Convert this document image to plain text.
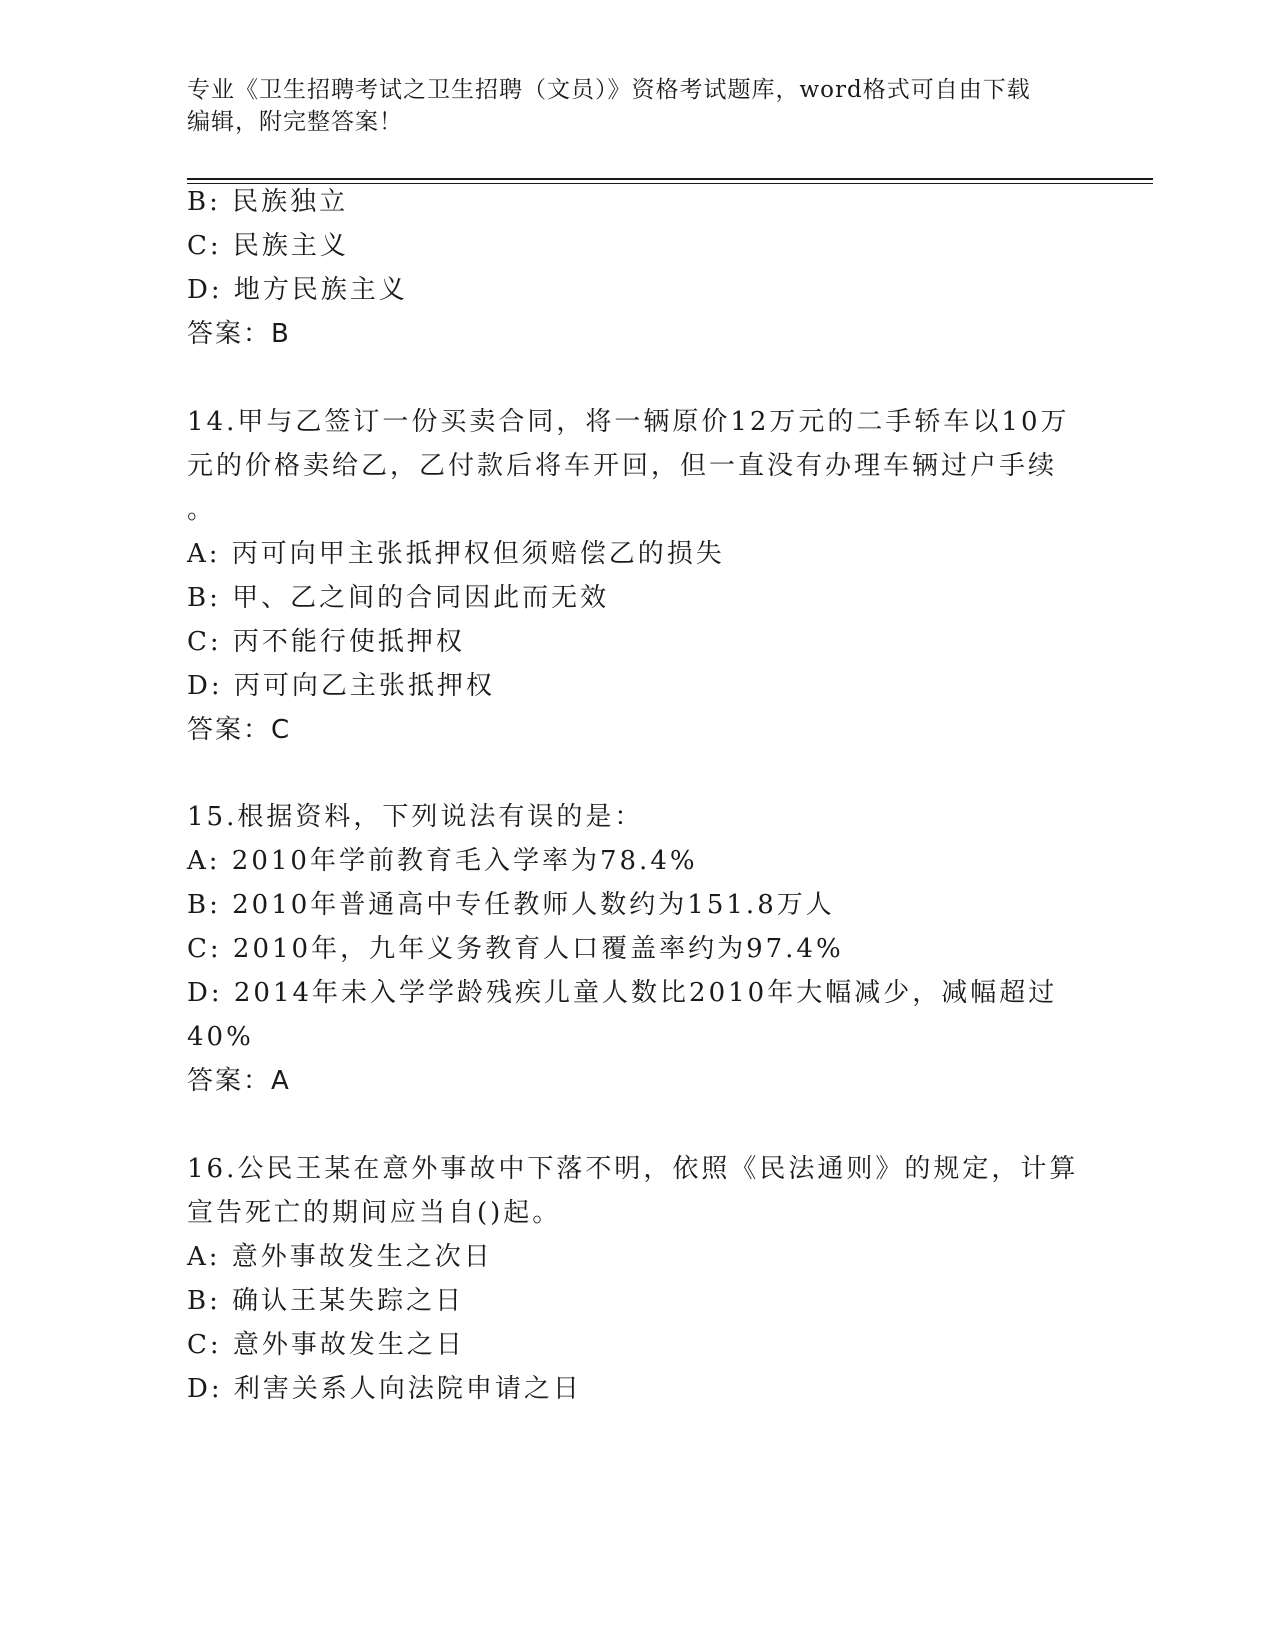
专业《卫生招聘考试之卫生招聘（文员）》资格考试题库，word格式可自由下载
编辑，附完整答案！
B: 民族独立
C: 民族主义
D: 地方民族主义
答案：B
14.甲与乙签订一份买卖合同，将一辆原价12万元的二手轿车以10万
元的价格卖给乙，乙付款后将车开回，但一直没有办理车辆过户手续
。
A: 丙可向甲主张抵押权但须赔偿乙的损失
B: 甲、乙之间的合同因此而无效
C: 丙不能行使抵押权
D: 丙可向乙主张抵押权
答案：C
15.根据资料，下列说法有误的是：
A: 2010年学前教育毛入学率为78.4%
B: 2010年普通高中专任教师人数约为151.8万人
C: 2010年，九年义务教育人口覆盖率约为97.4%
D: 2014年未入学学龄残疾儿童人数比2010年大幅减少，减幅超过
40%
答案：A
16.公民王某在意外事故中下落不明，依照《民法通则》的规定，计算
宣告死亡的期间应当自()起。
A: 意外事故发生之次日
B: 确认王某失踪之日
C: 意外事故发生之日
D: 利害关系人向法院申请之日
